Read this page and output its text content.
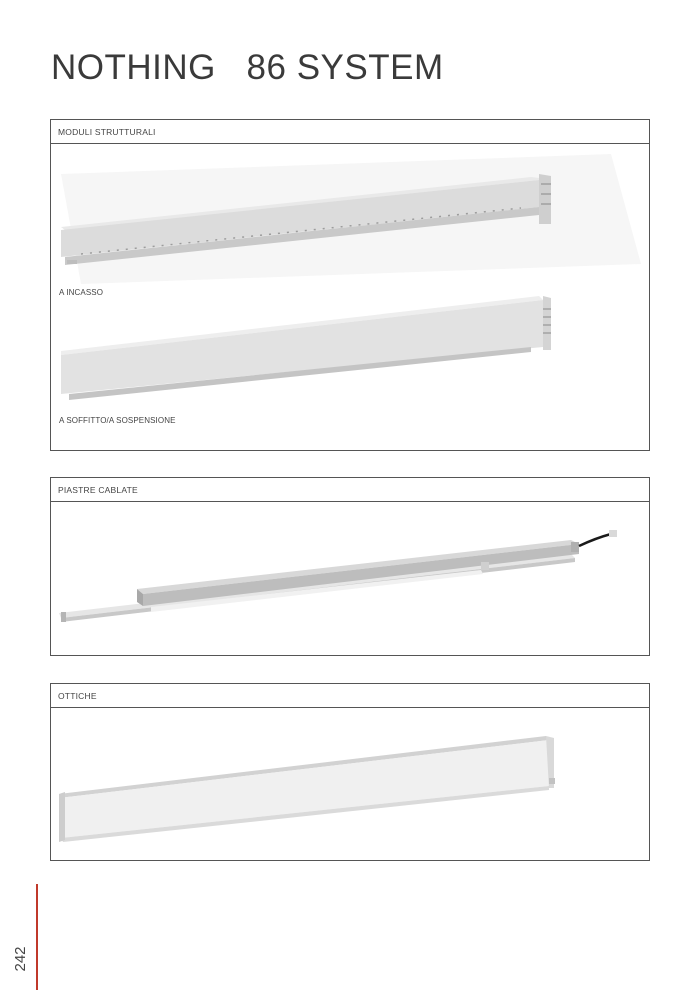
NOTHING   86 SYSTEM
MODULI STRUTTURALI
A INCASSO
A SOFFITTO/A SOSPENSIONE
PIASTRE CABLATE
OTTICHE
242
